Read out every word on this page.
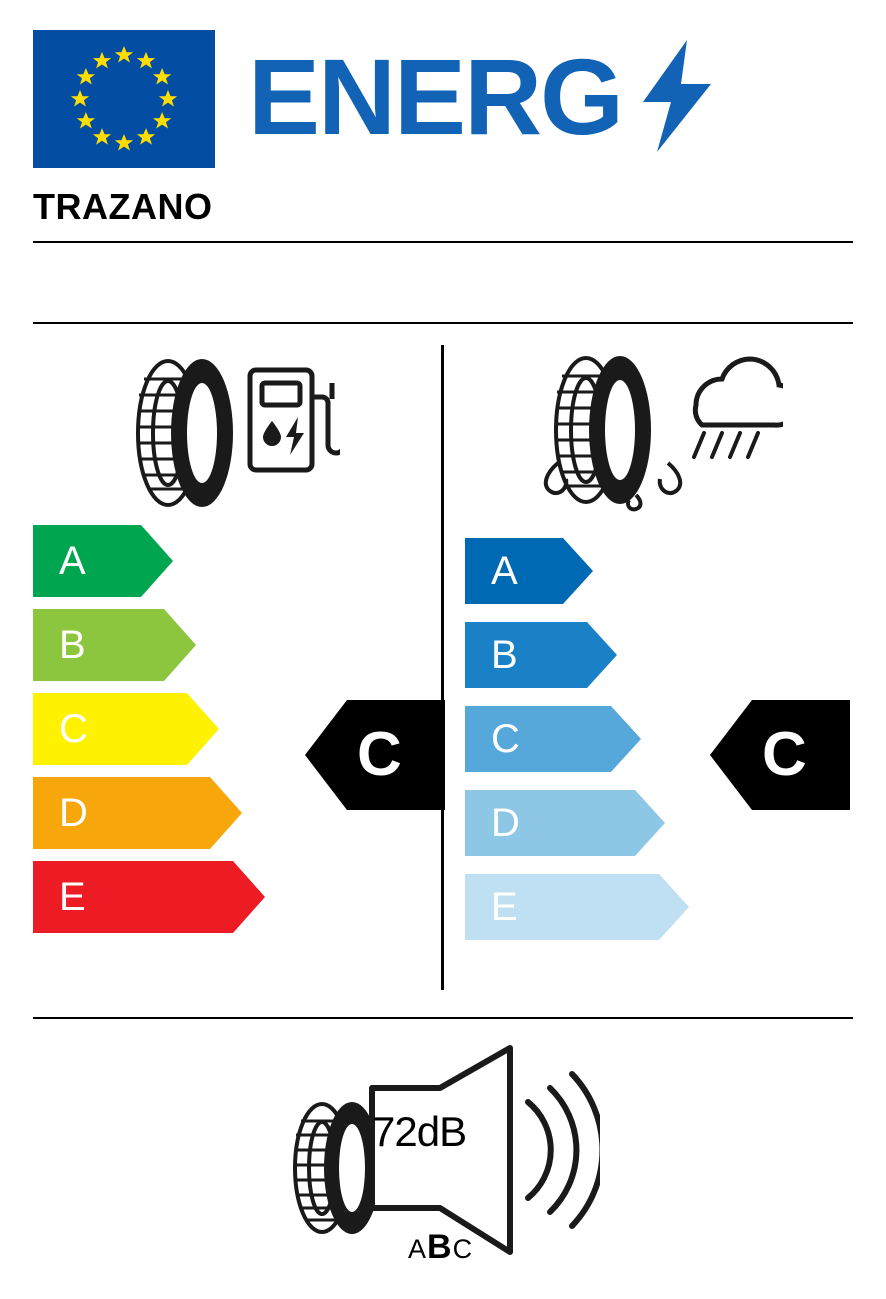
ENERG
TRAZANO
A
B
C
D
E
A
B
C
D
E
C	C
72dB
ABC
